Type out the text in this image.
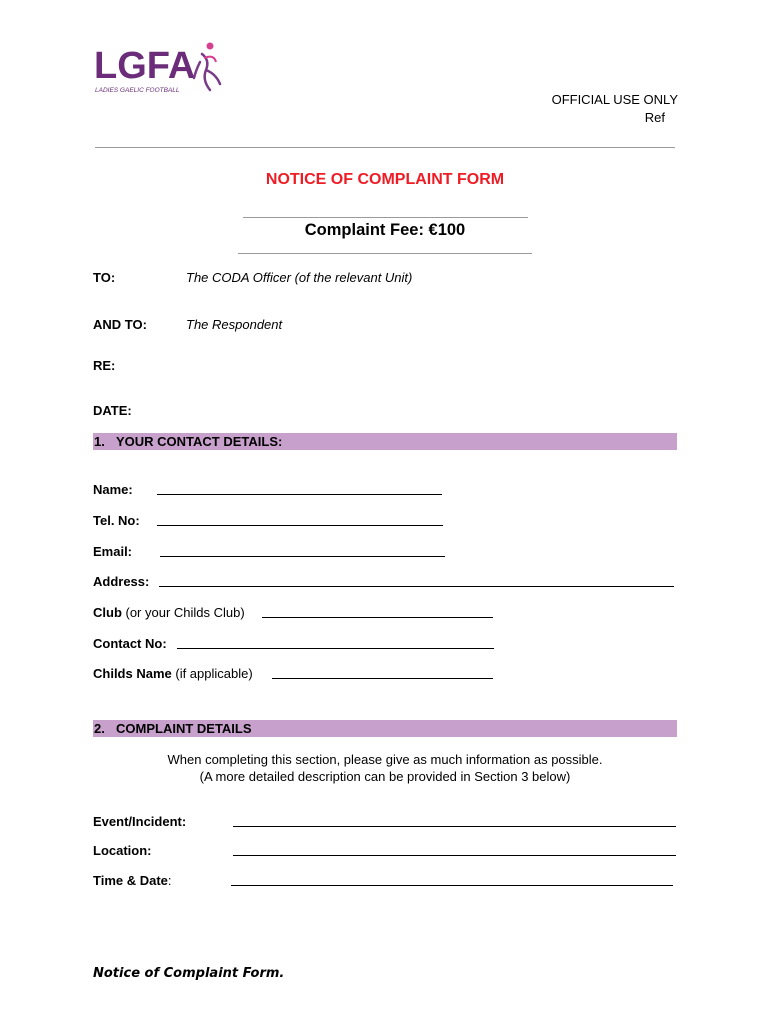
LGFA
LADIES GAELIC FOOTBALL
OFFICIAL USE ONLY
Ref
NOTICE OF COMPLAINT FORM
Complaint Fee: €100
TO:	The CODA Officer (of the relevant Unit)
AND TO:	The Respondent
RE:
DATE:
1. YOUR CONTACT DETAILS:
Name:
Tel. No:
Email:
Address:
Club (or your Childs Club)
Contact No:
Childs Name (if applicable)
2. COMPLAINT DETAILS
When completing this section, please give as much information as possible.
(A more detailed description can be provided in Section 3 below)
Event/Incident:
Location:
Time & Date:
Notice of Complaint Form.
